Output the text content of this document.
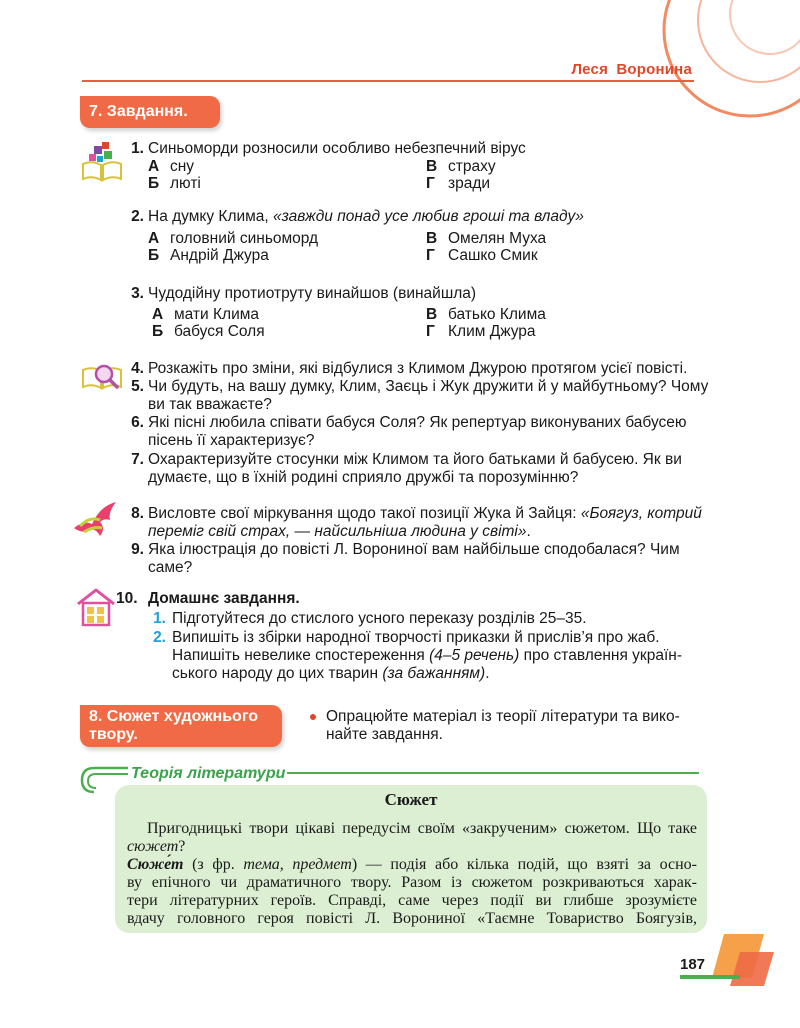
Леся Воронина
7. Завдання.
1. Синьоморди розносили особливо небезпечний вірус
А сну
Б люті
В страху
Г зради
2. На думку Клима, «завжди понад усе любив гроші та владу»
А головний синьоморд
Б Андрій Джура
В Омелян Муха
Г Сашко Смик
3. Чудодійну протиотруту винайшов (винайшла)
А мати Клима
Б бабуся Соля
В батько Клима
Г Клим Джура
4. Розкажіть про зміни, які відбулися з Климом Джурою протягом усієї повісті.
5. Чи будуть, на вашу думку, Клим, Заєць і Жук дружити й у майбутньому? Чому
ви так вважаєте?
6. Які пісні любила співати бабуся Соля? Як репертуар виконуваних бабусею
пісень її характеризує?
7. Охарактеризуйте стосунки між Климом та його батьками й бабусею. Як ви
думаєте, що в їхній родині сприяло дружбі та порозумінню?
8. Висловте свої міркування щодо такої позиції Жука й Зайця: «Боягуз, котрий
переміг свій страх, — найсильніша людина у світі».
9. Яка ілюстрація до повісті Л. Ворониної вам найбільше сподобалася? Чим
саме?
10. Домашнє завдання.
1. Підготуйтеся до стислого усного переказу розділів 25–35.
2. Випишіть із збірки народної творчості приказки й прислів’я про жаб.
Напишіть невелике спостереження (4–5 речень) про ставлення україн-
ського народу до цих тварин (за бажанням).
8. Сюжет художнього
твору.
Опрацюйте матеріал із теорії літератури та вико-
найте завдання.
Теорія літератури
Сюжет
Пригодницькі твори цікаві передусім своїм «закрученим» сюжетом. Що таке
сюжет?
Сюже́т (з фр. тема, предмет) — подія або кілька подій, що взяті за осно-
ву епічного чи драматичного твору. Разом із сюжетом розкриваються харак-
тери літературних героїв. Справді, саме через події ви глибше зрозумієте
вдачу головного героя повісті Л. Ворониної «Таємне Товариство Боягузів,
187
